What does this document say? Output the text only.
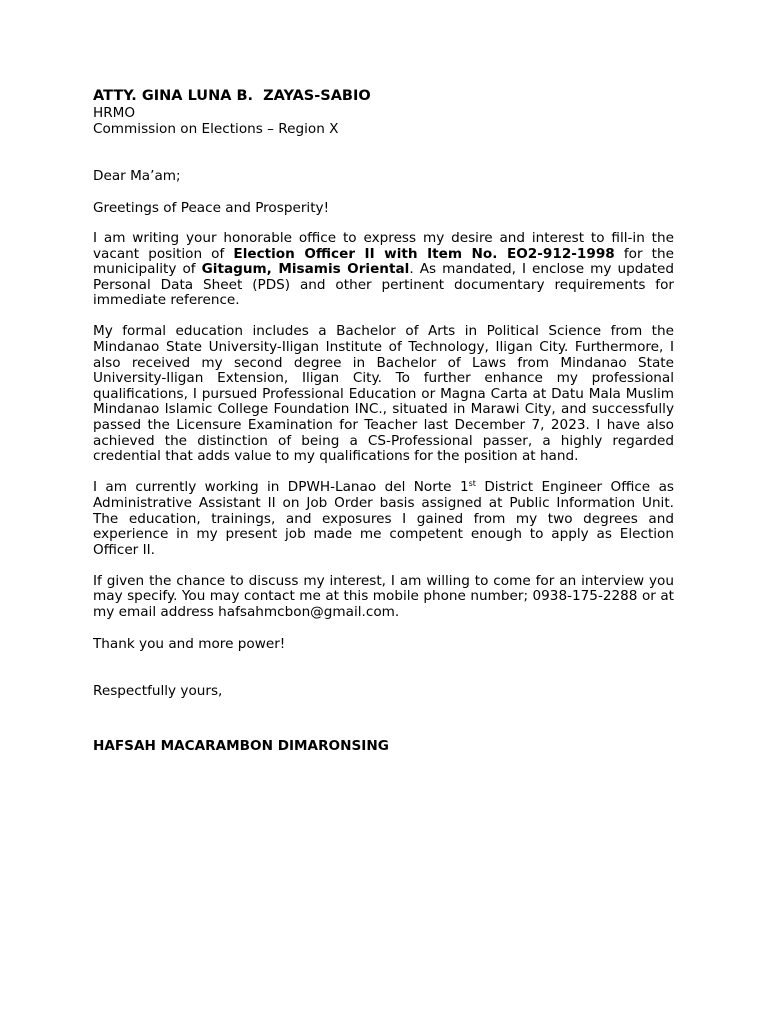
ATTY. GINA LUNA B.  ZAYAS-SABIO
HRMO
Commission on Elections – Region X
Dear Ma’am;
Greetings of Peace and Prosperity!

I am writing your honorable office to express my desire and interest to fill-in the vacant position of Election Officer II with Item No. EO2-912-1998 for the municipality of Gitagum, Misamis Oriental. As mandated, I enclose my updated Personal Data Sheet (PDS) and other pertinent documentary requirements for immediate reference.

My formal education includes a Bachelor of Arts in Political Science from the Mindanao State University-Iligan Institute of Technology, Iligan City. Furthermore, I also received my second degree in Bachelor of Laws from Mindanao State University-Iligan Extension, Iligan City. To further enhance my professional qualifications, I pursued Professional Education or Magna Carta at Datu Mala Muslim Mindanao Islamic College Foundation INC., situated in Marawi City, and successfully passed the Licensure Examination for Teacher last December 7, 2023. I have also achieved the distinction of being a CS-Professional passer, a highly regarded credential that adds value to my qualifications for the position at hand.

I am currently working in DPWH-Lanao del Norte 1st District Engineer Office as Administrative Assistant II on Job Order basis assigned at Public Information Unit. The education, trainings, and exposures I gained from my two degrees and experience in my present job made me competent enough to apply as Election Officer II.

If given the chance to discuss my interest, I am willing to come for an interview you may specify. You may contact me at this mobile phone number; 0938-175-2288 or at my email address hafsahmcbon@gmail.com.

Thank you and more power!
Respectfully yours,
HAFSAH MACARAMBON DIMARONSING
